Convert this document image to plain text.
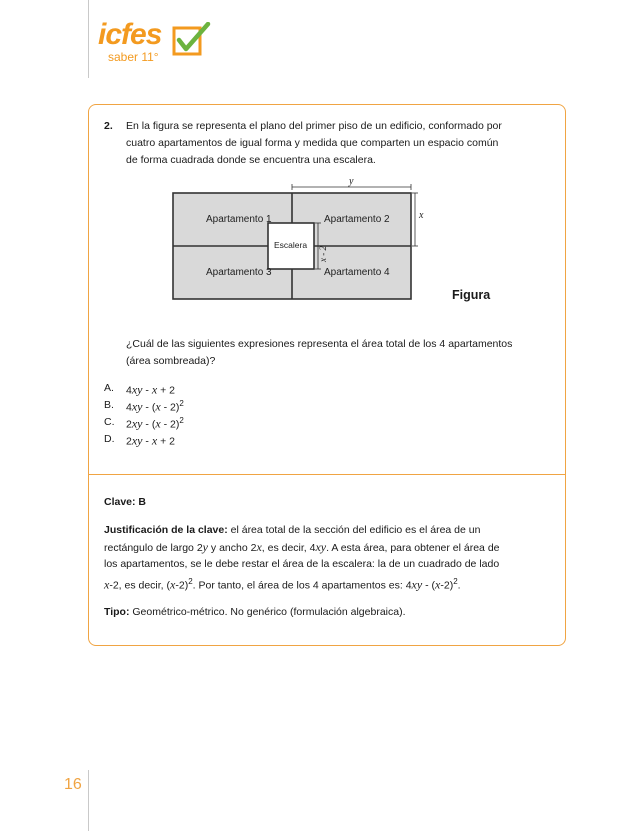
icfes
saber 11°
2. En la figura se representa el plano del primer piso de un edificio, conformado por
cuatro apartamentos de igual forma y medida que comparten un espacio común
de forma cuadrada donde se encuentra una escalera.
Apartamento 1	Apartamento 2
Apartamento 3	Apartamento 4
Escalera
y
x
x - 2
Figura
¿Cuál de las siguientes expresiones representa el área total de los 4 apartamentos
(área sombreada)?
A. 4xy - x + 2
B. 4xy - (x - 2)$^2$
C. 2xy - (x - 2)$^2$
D. 2xy - x + 2
Clave: B
Justificación de la clave: el área total de la sección del edificio es el área de un
rectángulo de largo 2y y ancho 2x, es decir, 4xy. A esta área, para obtener el área de
los apartamentos, se le debe restar el área de la escalera: la de un cuadrado de lado
x-2, es decir, $(x-2)^2$. Por tanto, el área de los 4 apartamentos es: $4xy - (x-2)^2$.
Tipo: Geométrico-métrico. No genérico (formulación algebraica).
16
